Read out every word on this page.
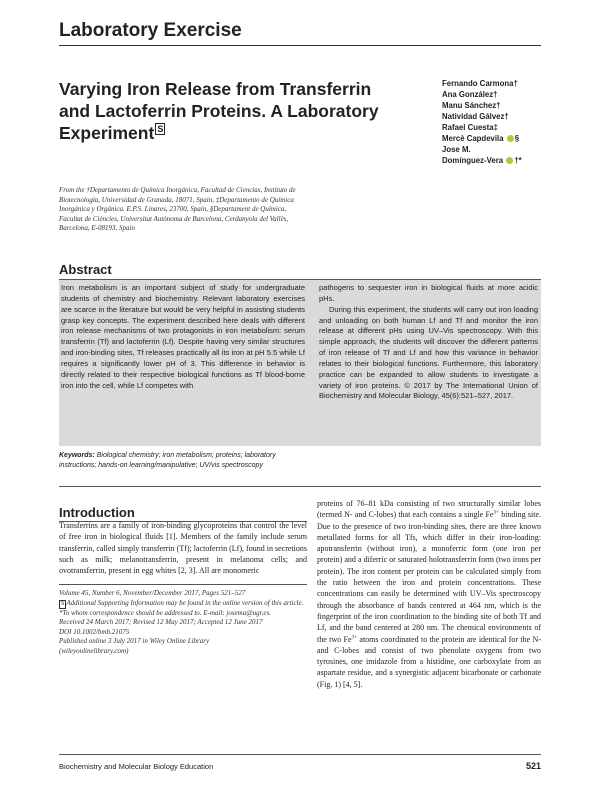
Laboratory Exercise
Varying Iron Release from Transferrin and Lactoferrin Proteins. A Laboratory Experiment S
Fernando Carmona†
Ana González†
Manu Sánchez†
Natividad Gálvez†
Rafael Cuesta‡
Mercè Capdevila §
Jose M.
Domínguez-Vera †*
From the †Departamento de Química Inorgánica, Facultad de Ciencias, Instituto de Biotecnología, Universidad de Granada, 18071, Spain, ‡Departamento de Química Inorgánica y Orgánica. E.P.S. Linares, 23700, Spain, §Departament de Química, Facultat de Ciències, Universitat Autònoma de Barcelona, Cerdanyola del Vallès, Barcelona, E-08193, Spain
Abstract

Iron metabolism is an important subject of study for undergraduate students of chemistry and biochemistry. Relevant laboratory exercises are scarce in the literature but would be very helpful in assisting students grasp key concepts. The experiment described here deals with different iron release mechanisms of two protagonists in iron metabolism: serum transferrin (Tf) and lactoferrin (Lf). Despite having very similar structures and iron-binding sites, Tf releases practically all its iron at pH 5.5 while Lf requires a significantly lower pH of 3. This difference in behavior is directly related to their respective biological functions as Tf blood-borne iron into the cell, while Lf competes with

pathogens to sequester iron in biological fluids at more acidic pHs.

During this experiment, the students will carry out iron loading and unloading on both human Lf and Tf and monitor the iron release at different pHs using UV–Vis spectroscopy. With this simple approach, the students will discover the different patterns of iron release of Tf and Lf and how this variance in behavior relates to their biological functions. Furthermore, this laboratory practice can be expanded to allow students to investigate a variety of iron proteins. © 2017 by The International Union of Biochemistry and Molecular Biology, 45(6):521–527, 2017.

Keywords: Biological chemistry; iron metabolism; proteins; laboratory instructions; hands-on learning/manipulative; UV/vis spectroscopy
Introduction

Transferrins are a family of iron-binding glycoproteins that control the level of free iron in biological fluids [1]. Members of the family include serum transferrin, called simply transferrin (Tf); lactoferrin (Lf), found in secretions such as milk; melanotransferrin, present in melanoma cells; and ovotransferrin, present in egg whites [2, 3]. All are monomeric

proteins of 76–81 kDa consisting of two structurally similar lobes (termed N- and C-lobes) that each contains a single $Fe^{3+}$ binding site. Due to the presence of two iron-binding sites, there are three known metallated forms for all Tfs, which differ in their iron-loading: apotransferrin (without iron), a monoferric form (one iron per protein) and a diferric or saturated holotransferrin form (two irons per protein). The iron content per protein can be calculated simply from the ratio between the iron and protein concentrations. These concentrations can easily be determined with UV–Vis spectroscopy through the absorbance of bands centered at 464 nm, which is the fingerprint of the iron coordination to the binding site of both Tf and Lf, and the band centered at 280 nm. The chemical environments of the two $Fe^{3+}$ atoms coordinated to the protein are identical for the N- and C-lobes and consist of two phenolate oxygens from two tyrosines, one imidazole from a histidine, one carboxylate from an aspartate residue, and a synergistic adjacent bicarbonate or carbonate (Fig. 1) [4, 5].

Volume 45, Number 6, November/December 2017, Pages 521–527

S Additional Supporting Information may be found in the online version of this article.

*To whom correspondence should be addressed to. E-mail: josema@ugr.es.

Received 24 March 2017; Revised 12 May 2017; Accepted 12 June 2017

DOI 10.1002/bmb.21075

Published online 3 July 2017 in Wiley Online Library

(wileyonlinelibrary.com)

Biochemistry and Molecular Biology Education	521
